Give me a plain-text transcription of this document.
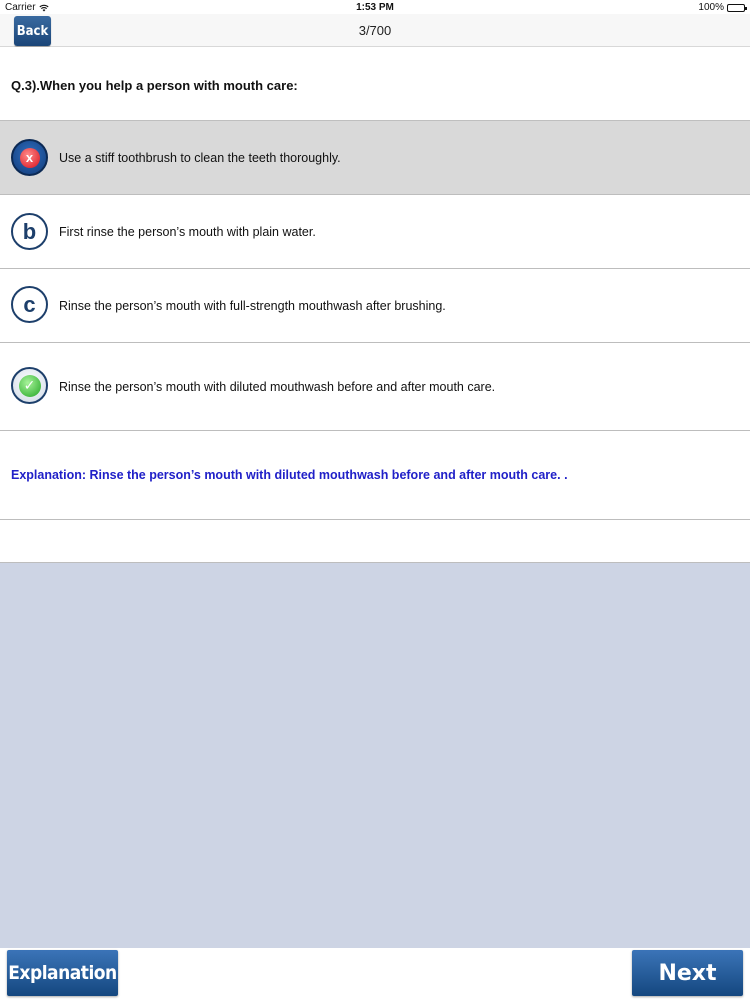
Carrier	1:53 PM	100%
Back	3/700
Q.3).When you help a person with mouth care:
x	Use a stiff toothbrush to clean the teeth thoroughly.
b	First rinse the person’s mouth with plain water.
c	Rinse the person’s mouth with full-strength mouthwash after brushing.
✓	Rinse the person’s mouth with diluted mouthwash before and after mouth care.
Explanation: Rinse the person’s mouth with diluted mouthwash before and after mouth care. .
Explanation	Next
